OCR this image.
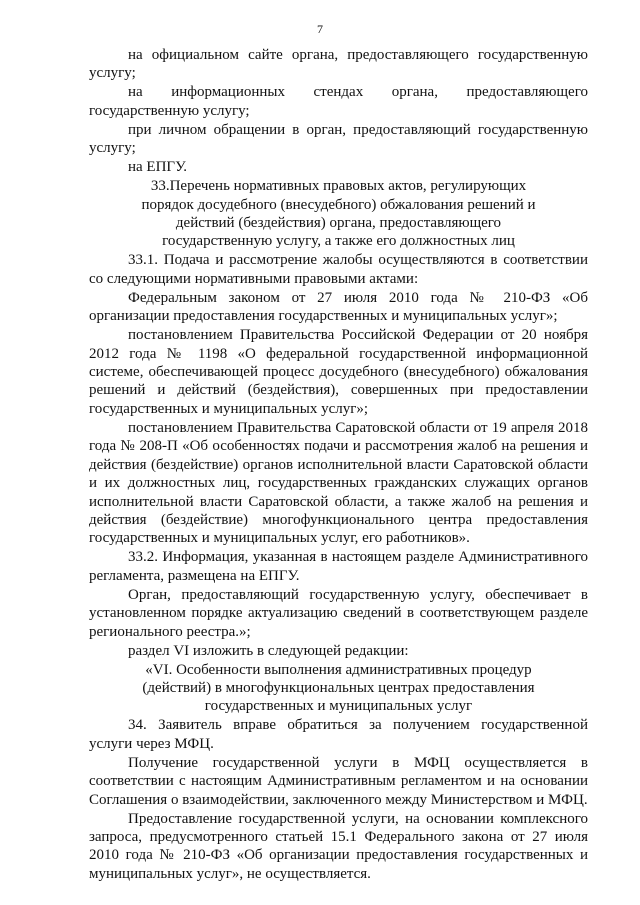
7

на официальном сайте органа, предоставляющего государственную услугу;

на информационных стендах органа, предоставляющего государственную услугу;

при личном обращении в орган, предоставляющий государственную услугу;

на ЕПГУ.

33.Перечень нормативных правовых актов, регулирующих порядок досудебного (внесудебного) обжалования решений и действий (бездействия) органа, предоставляющего государственную услугу, а также его должностных лиц

33.1. Подача и рассмотрение жалобы осуществляются в соответствии со следующими нормативными правовыми актами:

Федеральным законом от 27 июля 2010 года № 210-ФЗ «Об организации предоставления государственных и муниципальных услуг»;

постановлением Правительства Российской Федерации от 20 ноября 2012 года № 1198 «О федеральной государственной информационной системе, обеспечивающей процесс досудебного (внесудебного) обжалования решений и действий (бездействия), совершенных при предоставлении государственных и муниципальных услуг»;

постановлением Правительства Саратовской области от 19 апреля 2018 года № 208-П «Об особенностях подачи и рассмотрения жалоб на решения и действия (бездействие) органов исполнительной власти Саратовской области и их должностных лиц, государственных гражданских служащих органов исполнительной власти Саратовской области, а также жалоб на решения и действия (бездействие) многофункционального центра предоставления государственных и муниципальных услуг, его работников».

33.2. Информация, указанная в настоящем разделе Административного регламента, размещена на ЕПГУ.

Орган, предоставляющий государственную услугу, обеспечивает в установленном порядке актуализацию сведений в соответствующем разделе регионального реестра.»;

раздел VI изложить в следующей редакции:

«VI. Особенности выполнения административных процедур (действий) в многофункциональных центрах предоставления государственных и муниципальных услуг

34. Заявитель вправе обратиться за получением государственной услуги через МФЦ.

Получение государственной услуги в МФЦ осуществляется в соответствии с настоящим Административным регламентом и на основании Соглашения о взаимодействии, заключенного между Министерством и МФЦ.

Предоставление государственной услуги, на основании комплексного запроса, предусмотренного статьей 15.1 Федерального закона от 27 июля 2010 года № 210-ФЗ «Об организации предоставления государственных и муниципальных услуг», не осуществляется.
